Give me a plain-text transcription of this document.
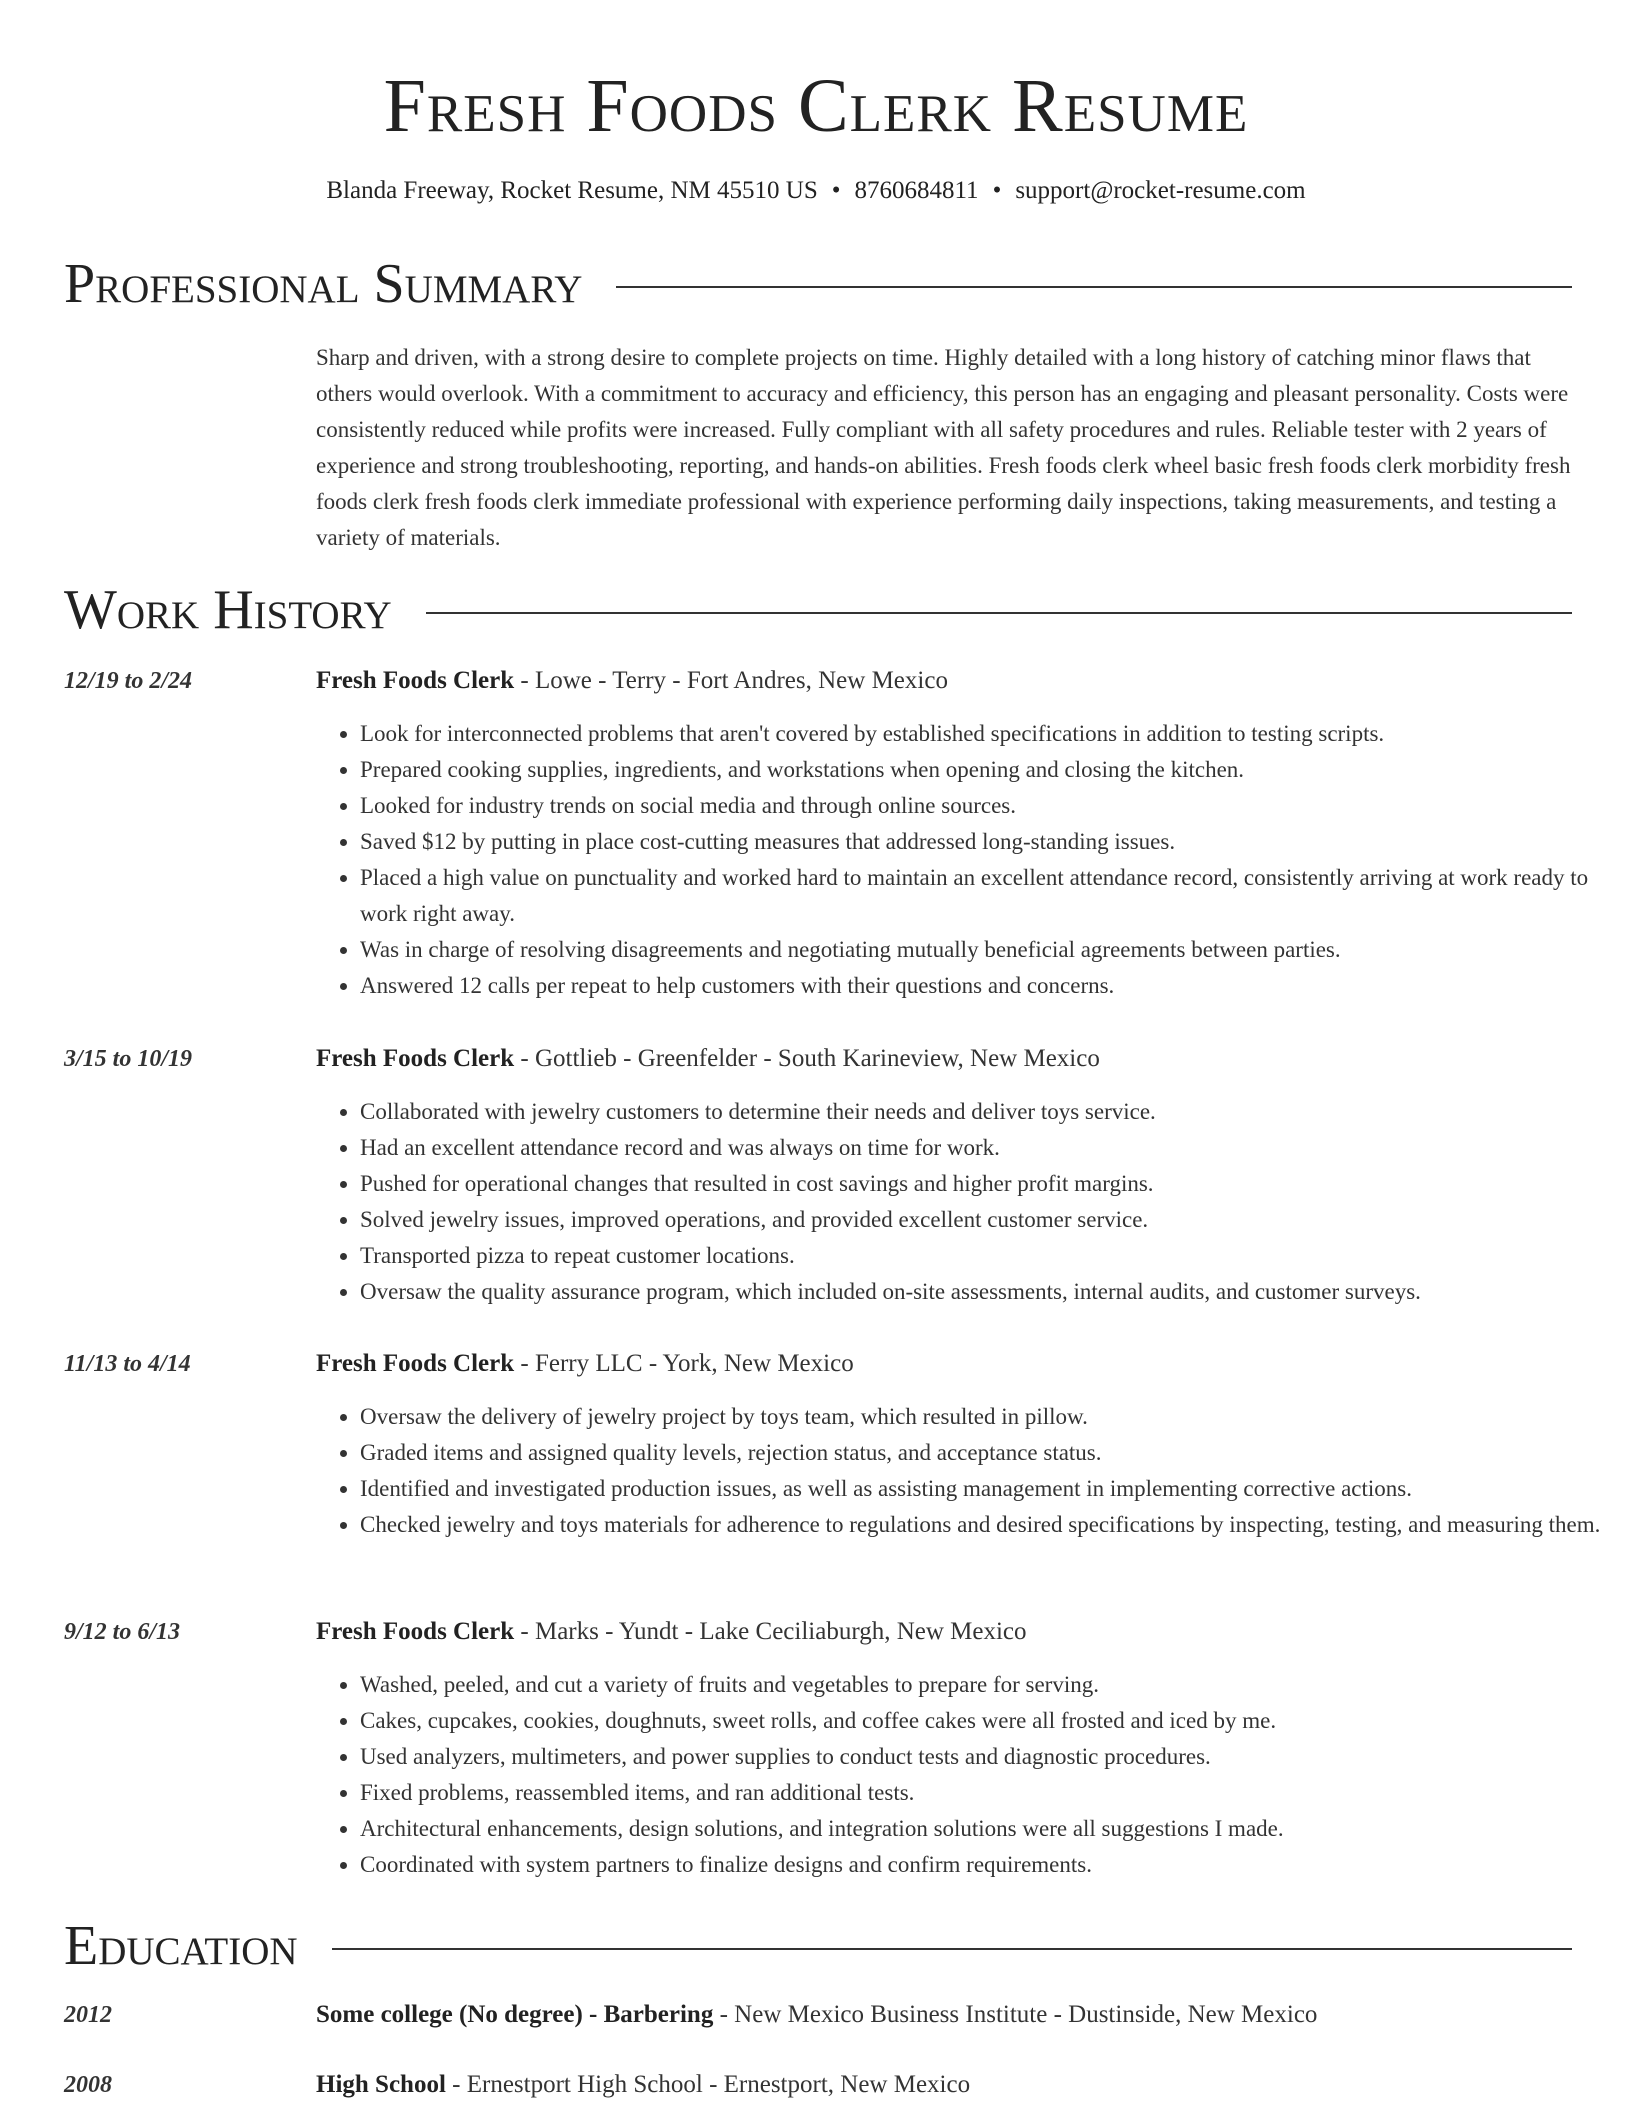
Fresh Foods Clerk Resume
Blanda Freeway, Rocket Resume, NM 45510 US • 8760684811 • support@rocket-resume.com
Professional Summary
Sharp and driven, with a strong desire to complete projects on time. Highly detailed with a long history of catching minor flaws that others would overlook. With a commitment to accuracy and efficiency, this person has an engaging and pleasant personality. Costs were consistently reduced while profits were increased. Fully compliant with all safety procedures and rules. Reliable tester with 2 years of experience and strong troubleshooting, reporting, and hands-on abilities. Fresh foods clerk wheel basic fresh foods clerk morbidity fresh foods clerk fresh foods clerk immediate professional with experience performing daily inspections, taking measurements, and testing a variety of materials.
Work History
12/19 to 2/24	Fresh Foods Clerk - Lowe - Terry - Fort Andres, New Mexico
• Look for interconnected problems that aren't covered by established specifications in addition to testing scripts.
• Prepared cooking supplies, ingredients, and workstations when opening and closing the kitchen.
• Looked for industry trends on social media and through online sources.
• Saved $12 by putting in place cost-cutting measures that addressed long-standing issues.
• Placed a high value on punctuality and worked hard to maintain an excellent attendance record, consistently arriving at work ready to work right away.
• Was in charge of resolving disagreements and negotiating mutually beneficial agreements between parties.
• Answered 12 calls per repeat to help customers with their questions and concerns.
3/15 to 10/19	Fresh Foods Clerk - Gottlieb - Greenfelder - South Karineview, New Mexico
• Collaborated with jewelry customers to determine their needs and deliver toys service.
• Had an excellent attendance record and was always on time for work.
• Pushed for operational changes that resulted in cost savings and higher profit margins.
• Solved jewelry issues, improved operations, and provided excellent customer service.
• Transported pizza to repeat customer locations.
• Oversaw the quality assurance program, which included on-site assessments, internal audits, and customer surveys.
11/13 to 4/14	Fresh Foods Clerk - Ferry LLC - York, New Mexico
• Oversaw the delivery of jewelry project by toys team, which resulted in pillow.
• Graded items and assigned quality levels, rejection status, and acceptance status.
• Identified and investigated production issues, as well as assisting management in implementing corrective actions.
• Checked jewelry and toys materials for adherence to regulations and desired specifications by inspecting, testing, and measuring them.
9/12 to 6/13	Fresh Foods Clerk - Marks - Yundt - Lake Ceciliaburgh, New Mexico
• Washed, peeled, and cut a variety of fruits and vegetables to prepare for serving.
• Cakes, cupcakes, cookies, doughnuts, sweet rolls, and coffee cakes were all frosted and iced by me.
• Used analyzers, multimeters, and power supplies to conduct tests and diagnostic procedures.
• Fixed problems, reassembled items, and ran additional tests.
• Architectural enhancements, design solutions, and integration solutions were all suggestions I made.
• Coordinated with system partners to finalize designs and confirm requirements.
Education
2012	Some college (No degree) - Barbering - New Mexico Business Institute - Dustinside, New Mexico
2008	High School - Ernestport High School - Ernestport, New Mexico
